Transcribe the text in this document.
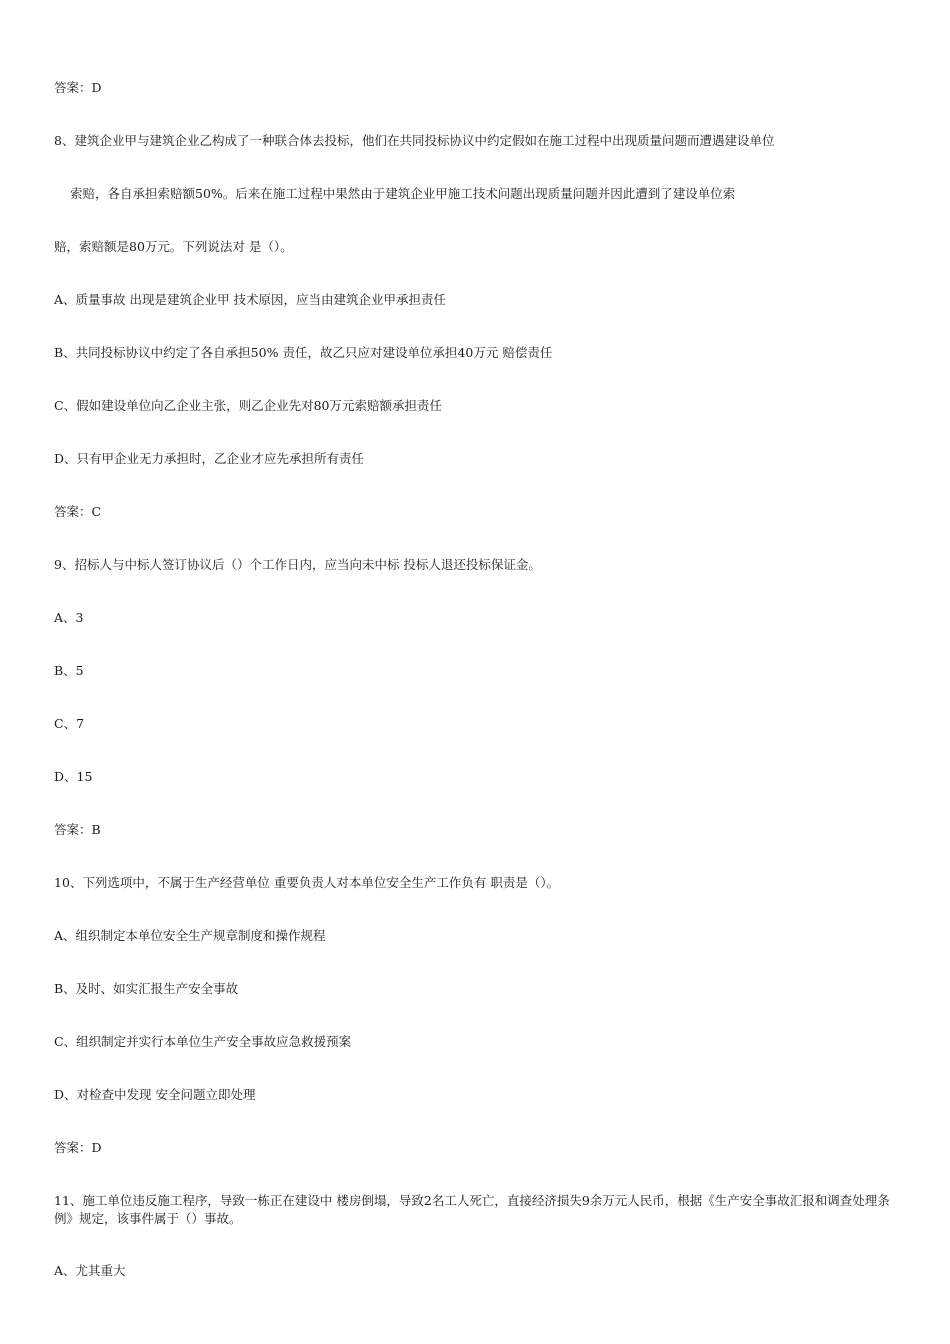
答案：D
8、建筑企业甲与建筑企业乙构成了一种联合体去投标，他们在共同投标协议中约定假如在施工过程中出现质量问题而遭遇建设单位
索赔，各自承担索赔额50%。后来在施工过程中果然由于建筑企业甲施工技术问题出现质量问题并因此遭到了建设单位索
赔，索赔额是80万元。下列说法对 是（）。
A、质量事故 出现是建筑企业甲 技术原因，应当由建筑企业甲承担责任
B、共同投标协议中约定了各自承担50% 责任，故乙只应对建设单位承担40万元 赔偿责任
C、假如建设单位向乙企业主张，则乙企业先对80万元索赔额承担责任
D、只有甲企业无力承担时，乙企业才应先承担所有责任
答案：C
9、招标人与中标人签订协议后（）个工作日内，应当向未中标 投标人退还投标保证金。
A、3
B、5
C、7
D、15
答案：B
10、下列选项中，不属于生产经营单位 重要负责人对本单位安全生产工作负有 职责是（）。
A、组织制定本单位安全生产规章制度和操作规程
B、及时、如实汇报生产安全事故
C、组织制定并实行本单位生产安全事故应急救援预案
D、对检查中发现 安全问题立即处理
答案：D
11、施工单位违反施工程序，导致一栋正在建设中 楼房倒塌，导致2名工人死亡，直接经济损失9余万元人民币，根据《生产安全事故汇报和调查处理条例》规定，该事件属于（）事故。
A、尤其重大
